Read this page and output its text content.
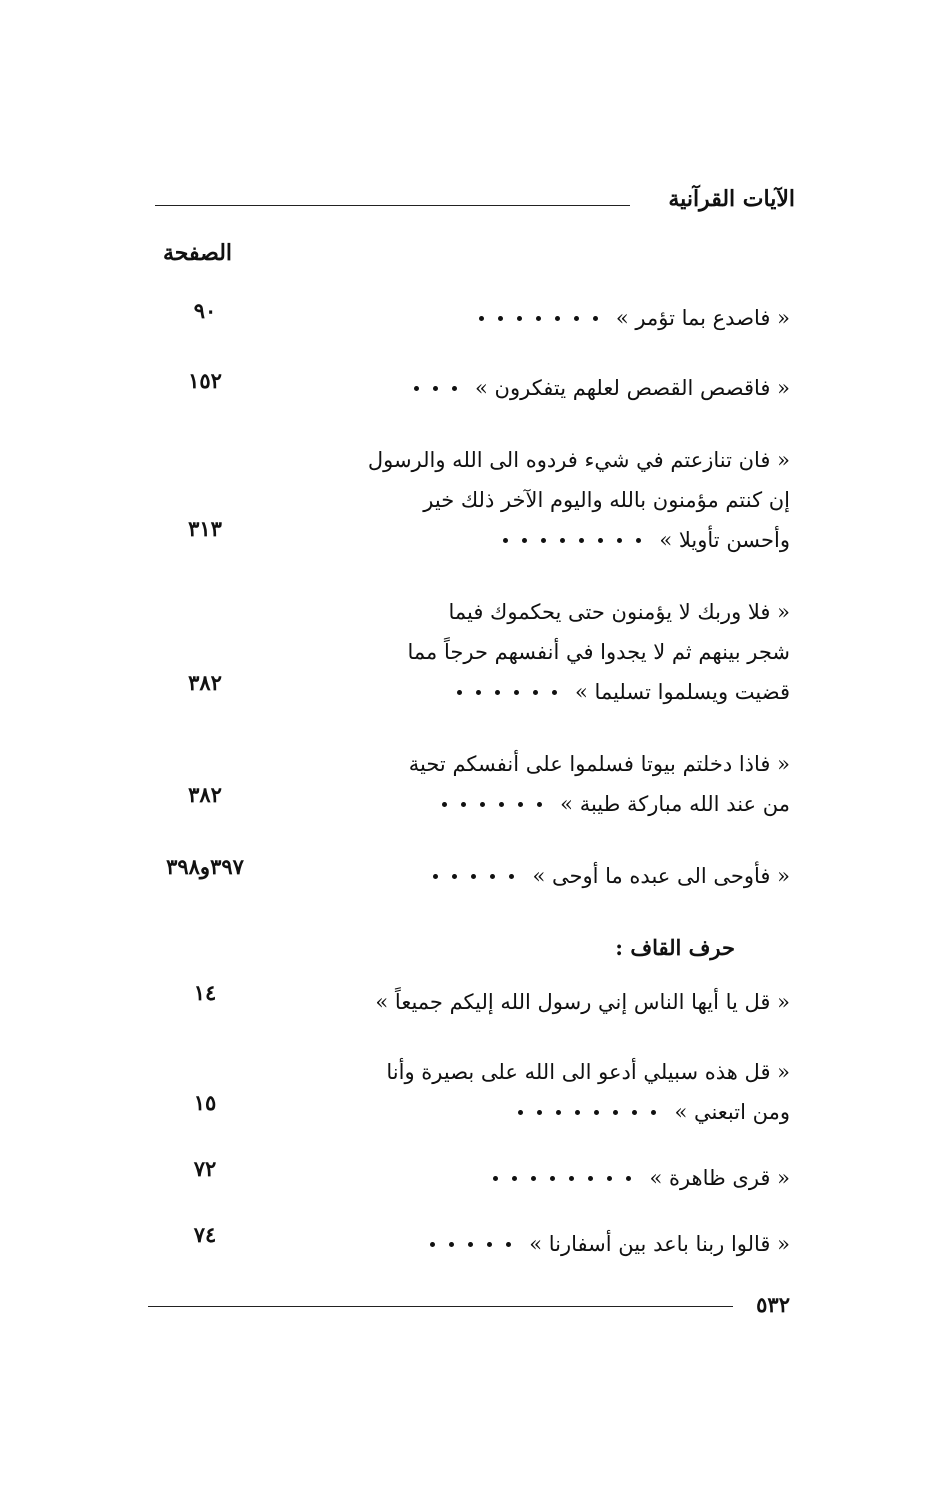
الآيات القرآنية
الصفحة
« فاصدع بما تؤمر »
٩٠
« فاقصص القصص لعلهم يتفكرون »
١٥٢
« فان تنازعتم في شيء فردوه الى الله والرسول
إن كنتم مؤمنون بالله واليوم الآخر ذلك خير
وأحسن تأويلا »
٣١٣
« فلا وربك لا يؤمنون حتى يحكموك فيما
شجر بينهم ثم لا يجدوا في أنفسهم حرجاً مما
قضيت ويسلموا تسليما »
٣٨٢
« فاذا دخلتم بيوتا فسلموا على أنفسكم تحية
من عند الله مباركة طيبة »
٣٨٢
« فأوحى الى عبده ما أوحى »
٣٩٧و٣٩٨
حرف القاف :
« قل يا أيها الناس إني رسول الله إليكم جميعاً »
١٤
« قل هذه سبيلي أدعو الى الله على بصيرة وأنا
ومن اتبعني »
١٥
« قرى ظاهرة »
٧٢
« قالوا ربنا باعد بين أسفارنا »
٧٤
٥٣٢
